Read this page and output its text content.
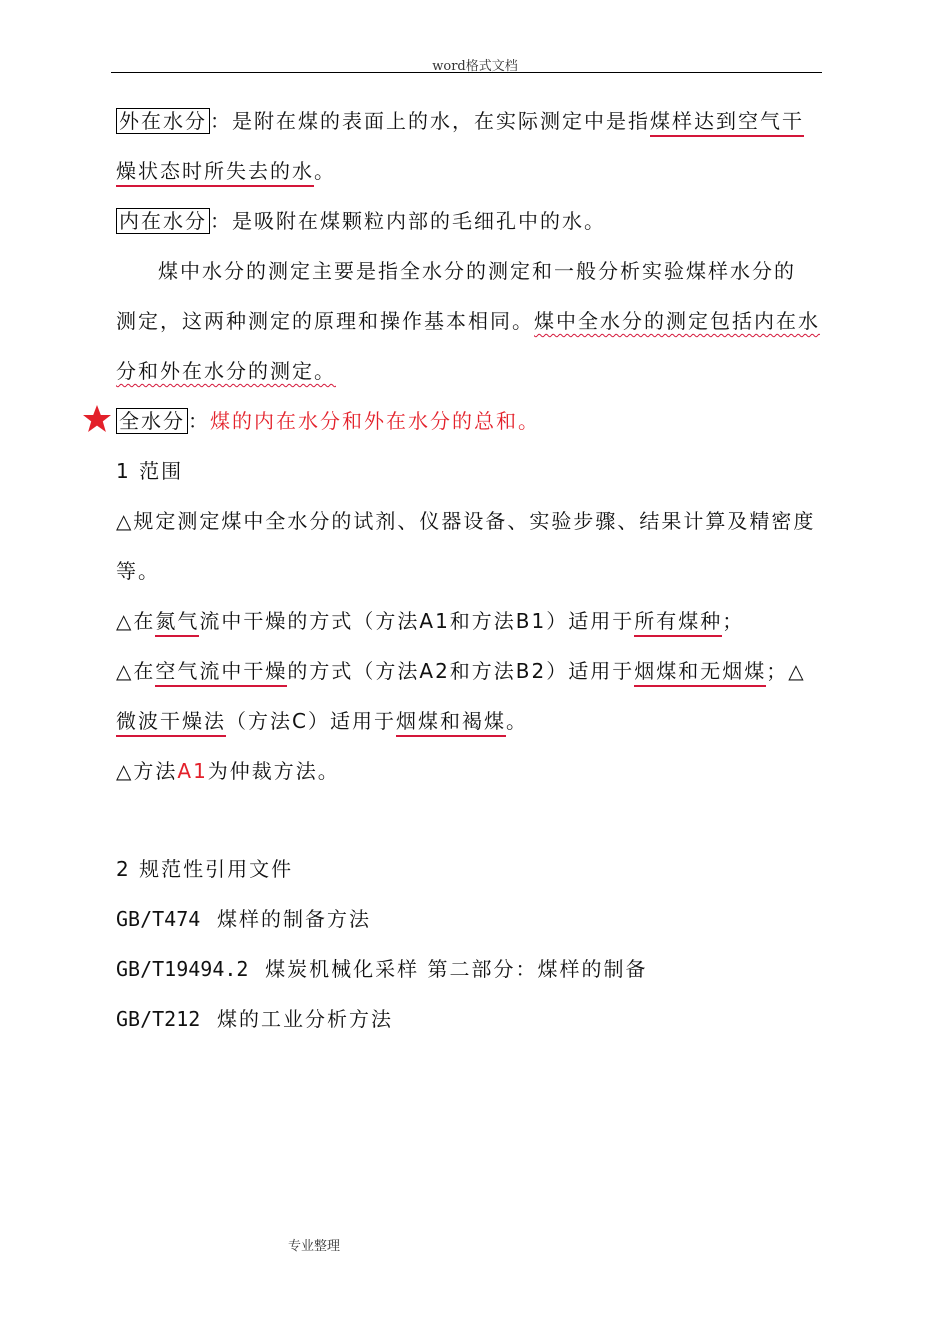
word格式文档
外在水分 ：是附在煤的表面上的水，在实际测定中是指煤样达到空气干
燥状态时所失去的水。
内在水分 ：是吸附在煤颗粒内部的毛细孔中的水。
煤中水分的测定主要是指全水分的测定和一般分析实验煤样水分的
测定，这两种测定的原理和操作基本相同。煤中全水分的测定包括内在水
分和外在水分的测定。
全水分 ：煤的内在水分和外在水分的总和。
1 范围
△规定测定煤中全水分的试剂、仪器设备、实验步骤、结果计算及精密度
等。
△在氮气流中干燥的方式（方法A1和方法B1）适用于所有煤种；
△在空气流中干燥的方式（方法A2和方法B2）适用于烟煤和无烟煤；△
微波干燥法（方法C）适用于烟煤和褐煤。
△方法A1为仲裁方法。
2 规范性引用文件
GB/T474 煤样的制备方法
GB/T19494.2 煤炭机械化采样 第二部分：煤样的制备
GB/T212 煤的工业分析方法
专业整理
